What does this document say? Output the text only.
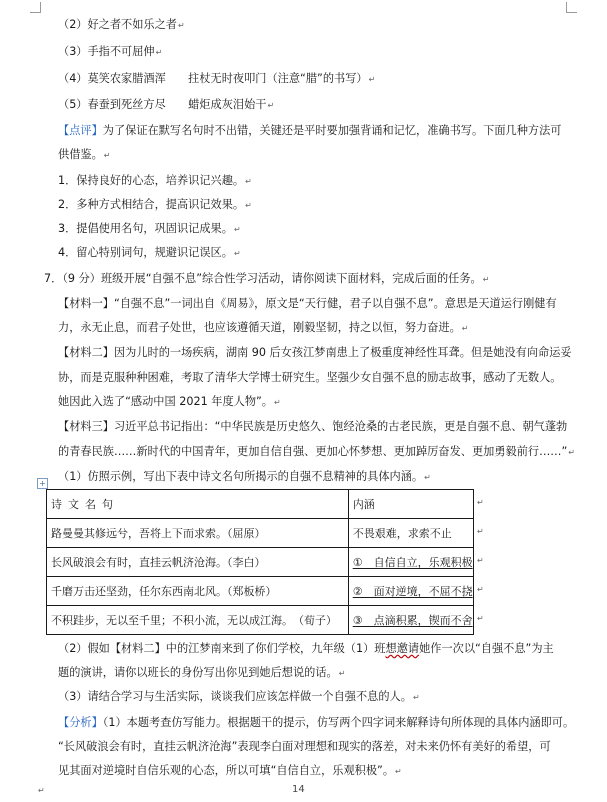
（2）好之者不如乐之者↵
（3）手指不可屈伸↵
（4）莫笑农家腊酒浑　　拄杖无时夜叩门（注意“腊”的书写）↵
（5）春蚕到死丝方尽　　蜡炬成灰泪始干↵
【点评】为了保证在默写名句时不出错，关键还是平时要加强背诵和记忆，准确书写。下面几种方法可
供借鉴。↵
1．保持良好的心态，培养识记兴趣。↵
2．多种方式相结合，提高识记效果。↵
3．提倡使用名句，巩固识记成果。↵
4．留心特别词句，规避识记误区。↵
7．（9 分）班级开展“自强不息”综合性学习活动，请你阅读下面材料，完成后面的任务。↵
【材料一】“自强不息”一词出自《周易》，原文是“天行健，君子以自强不息”。意思是天道运行刚健有
力，永无止息，而君子处世，也应该遵循天道，刚毅坚韧，持之以恒，努力奋进。↵
【材料二】因为儿时的一场疾病，湖南 90 后女孩江梦南患上了极重度神经性耳聋。但是她没有向命运妥
协，而是克服种种困难，考取了清华大学博士研究生。坚强少女自强不息的励志故事，感动了无数人。
她因此入选了“感动中国 2021 年度人物”。↵
【材料三】习近平总书记指出：“中华民族是历史悠久、饱经沧桑的古老民族，更是自强不息、朝气蓬勃
的青春民族……新时代的中国青年，更加自信自强、更加心怀梦想、更加踔厉奋发、更加勇毅前行……”↵
+
（1）仿照示例，写出下表中诗文名句所揭示的自强不息精神的具体内涵。↵
诗文名句	内涵
路曼曼其修远兮，吾将上下而求索。（屈原）	不畏艰难，求索不止
长风破浪会有时，直挂云帆济沧海。（李白）	①　自信自立，乐观积极
千磨万击还坚劲，任尔东西南北风。（郑板桥）	②　面对逆境，不屈不挠
不积跬步，无以至千里；不积小流，无以成江海。　（荀子）	③　点滴积累，锲而不舍
↵
↵
↵
↵
↵
（2）假如【材料二】中的江梦南来到了你们学校，九年级（1）班想邀请她作一次以“自强不息”为主
题的演讲，请你以班长的身份写出你见到她后想说的话。↵
（3）请结合学习与生活实际，谈谈我们应该怎样做一个自强不息的人。↵
【分析】（1）本题考查仿写能力。根据题干的提示，仿写两个四字词来解释诗句所体现的具体内涵即可。
“长风破浪会有时，直挂云帆济沧海”表现李白面对理想和现实的落差，对未来仍怀有美好的希望，可
见其面对逆境时自信乐观的心态，所以可填“自信自立，乐观积极”。↵
↵	14
